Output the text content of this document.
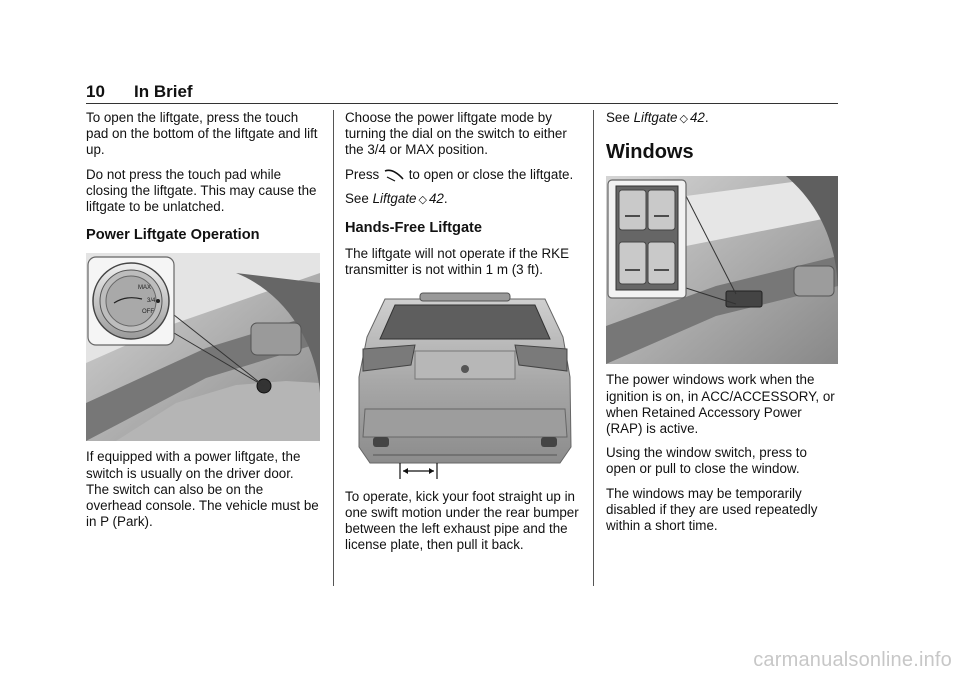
10 In Brief

To open the liftgate, press the touch pad on the bottom of the liftgate and lift up.

Do not press the touch pad while closing the liftgate. This may cause the liftgate to be unlatched.

Power Liftgate Operation
MAX
3/4
OFF

If equipped with a power liftgate, the switch is usually on the driver door. The switch can also be on the overhead console. The vehicle must be in P (Park).

Choose the power liftgate mode by turning the dial on the switch to either the 3/4 or MAX position.

Press to open or close the liftgate.

See Liftgate ◇ 42.

Hands-Free Liftgate

The liftgate will not operate if the RKE transmitter is not within 1 m (3 ft).

To operate, kick your foot straight up in one swift motion under the rear bumper between the left exhaust pipe and the license plate, then pull it back.

See Liftgate ◇ 42.

Windows

The power windows work when the ignition is on, in ACC/ACCESSORY, or when Retained Accessory Power (RAP) is active.

Using the window switch, press to open or pull to close the window.

The windows may be temporarily disabled if they are used repeatedly within a short time.

carmanualsonline.info
